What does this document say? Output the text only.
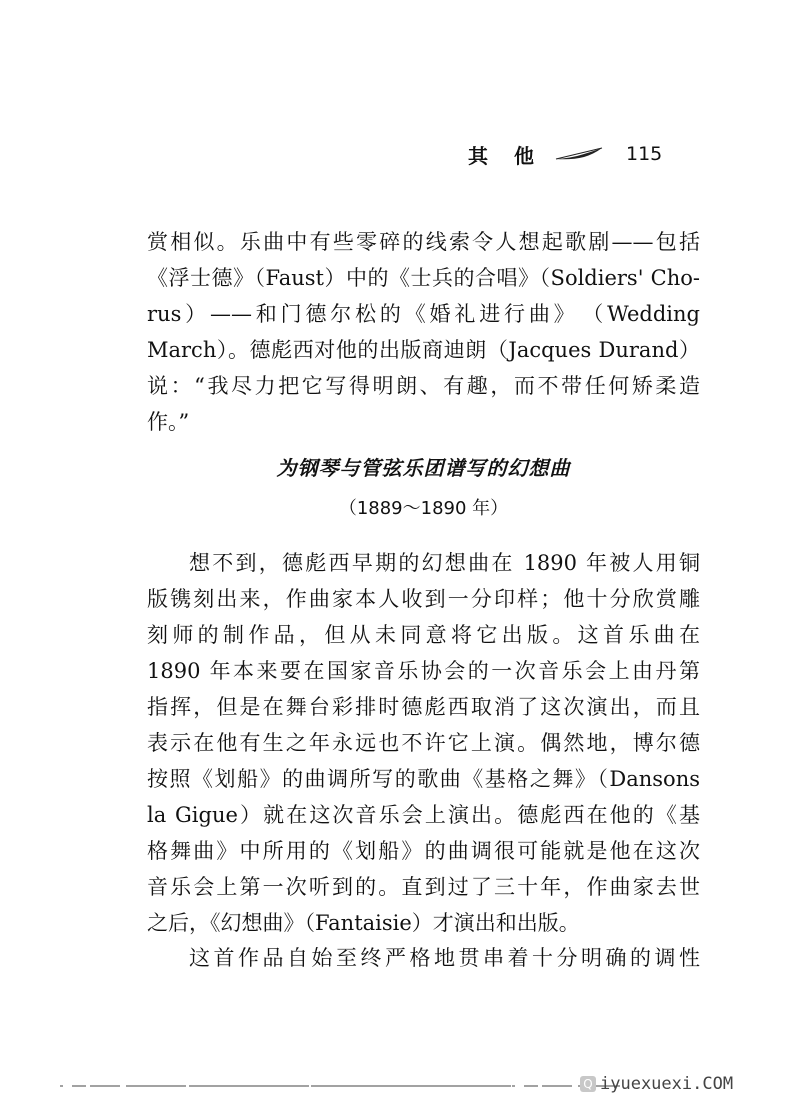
其他	115
赏相似。乐曲中有些零碎的线索令人想起歌剧——包括
《浮士德》（Faust）中的《士兵的合唱》（Soldiers' Cho-
rus）——和门德尔松的《婚礼进行曲》　（Wedding
March）。德彪西对他的出版商迪朗（Jacques Durand）
说：“我尽力把它写得明朗、有趣，而不带任何矫柔造
作。”
为钢琴与管弦乐团谱写的幻想曲
（1889～1890 年）
想不到，德彪西早期的幻想曲在 1890 年被人用铜
版镌刻出来，作曲家本人收到一分印样；他十分欣赏雕
刻师的制作品，但从未同意将它出版。这首乐曲在
1890 年本来要在国家音乐协会的一次音乐会上由丹第
指挥，但是在舞台彩排时德彪西取消了这次演出，而且
表示在他有生之年永远也不许它上演。偶然地，博尔德
按照《划船》的曲调所写的歌曲《基格之舞》（Dansons
la Gigue）就在这次音乐会上演出。德彪西在他的《基
格舞曲》中所用的《划船》的曲调很可能就是他在这次
音乐会上第一次听到的。直到过了三十年，作曲家去世
之后，《幻想曲》（Fantaisie）才演出和出版。
这首作品自始至终严格地贯串着十分明确的调性
Q iyuexuexi.COM
